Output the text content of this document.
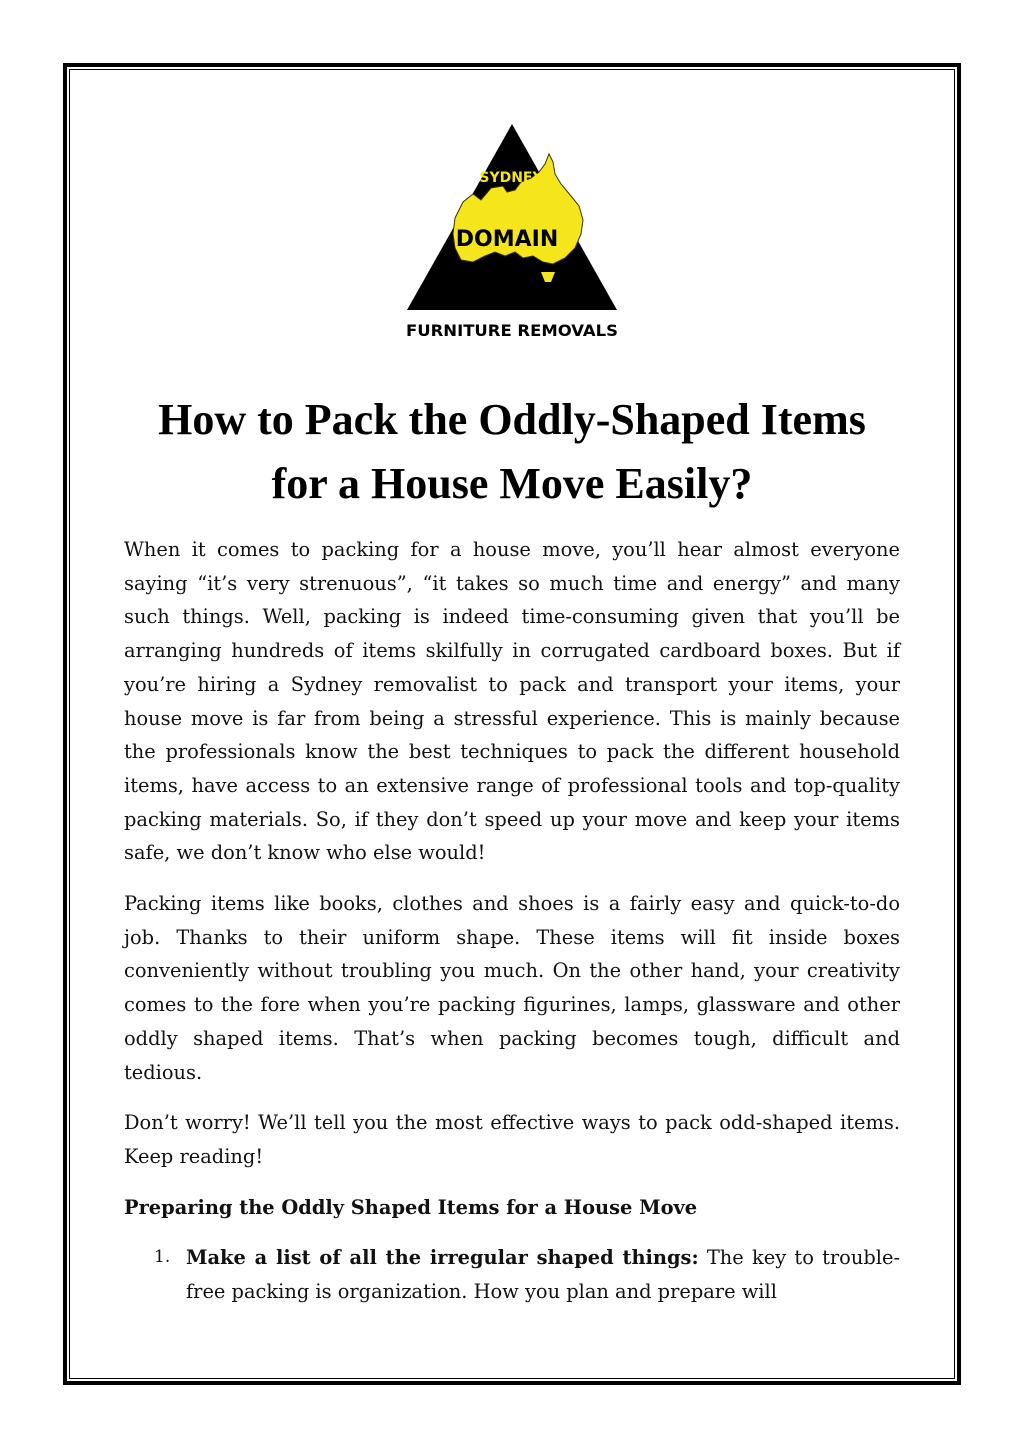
SYDNEY
DOMAIN
FURNITURE REMOVALS
How to Pack the Oddly-Shaped Items
for a House Move Easily?

When it comes to packing for a house move, you’ll hear almost everyone saying “it’s very strenuous”, “it takes so much time and energy” and many such things. Well, packing is indeed time-consuming given that you’ll be arranging hundreds of items skilfully in corrugated cardboard boxes. But if you’re hiring a Sydney removalist to pack and transport your items, your house move is far from being a stressful experience. This is mainly because the professionals know the best techniques to pack the different household items, have access to an extensive range of professional tools and top-quality packing materials. So, if they don’t speed up your move and keep your items safe, we don’t know who else would!

Packing items like books, clothes and shoes is a fairly easy and quick-to-do job. Thanks to their uniform shape. These items will fit inside boxes conveniently without troubling you much. On the other hand, your creativity comes to the fore when you’re packing figurines, lamps, glassware and other oddly shaped items. That’s when packing becomes tough, difficult and tedious.

Don’t worry! We’ll tell you the most effective ways to pack odd-shaped items. Keep reading!

Preparing the Oddly Shaped Items for a House Move
1. Make a list of all the irregular shaped things: The key to trouble-free packing is organization. How you plan and prepare will
